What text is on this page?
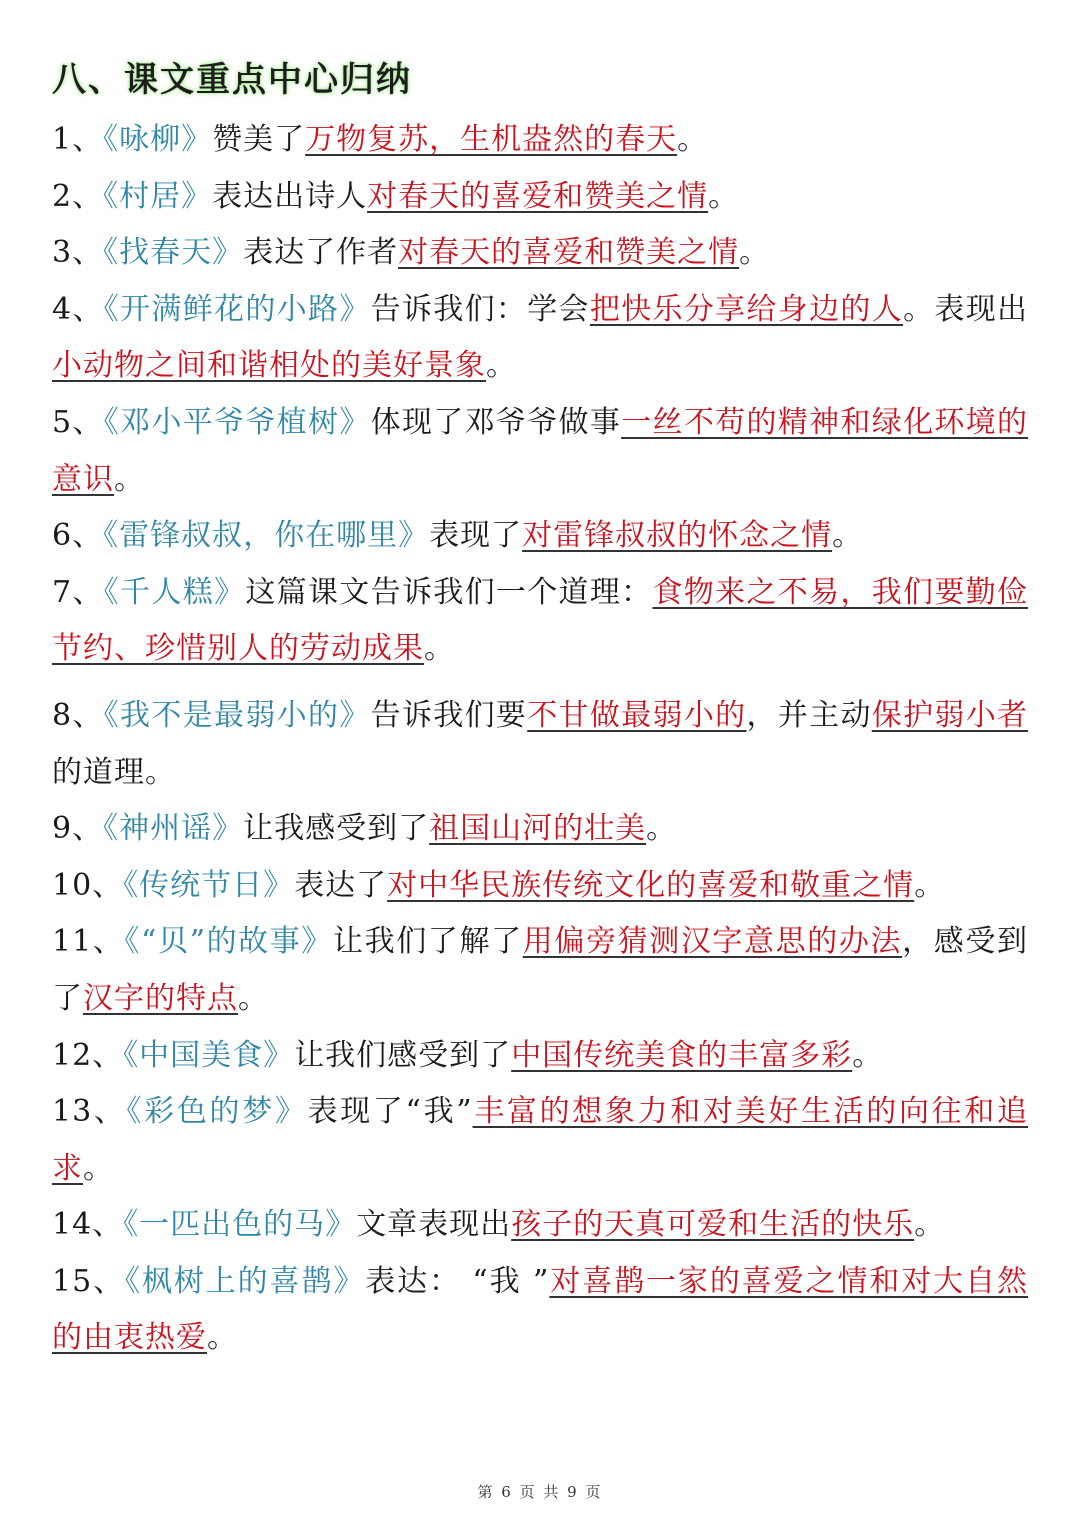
八、课文重点中心归纳

1、《咏柳》赞美了万物复苏，生机盎然的春天。

2、《村居》表达出诗人对春天的喜爱和赞美之情。

3、《找春天》表达了作者对春天的喜爱和赞美之情。

4、《开满鲜花的小路》告诉我们：学会把快乐分享给身边的人。表现出小动物之间和谐相处的美好景象。

5、《邓小平爷爷植树》体现了邓爷爷做事一丝不苟的精神和绿化环境的意识。

6、《雷锋叔叔，你在哪里》表现了对雷锋叔叔的怀念之情。

7、《千人糕》这篇课文告诉我们一个道理：食物来之不易，我们要勤俭节约、珍惜别人的劳动成果。

8、《我不是最弱小的》告诉我们要不甘做最弱小的，并主动保护弱小者的道理。

9、《神州谣》让我感受到了祖国山河的壮美。

10、《传统节日》表达了对中华民族传统文化的喜爱和敬重之情。

11、《“贝”的故事》让我们了解了用偏旁猜测汉字意思的办法，感受到了汉字的特点。

12、《中国美食》让我们感受到了中国传统美食的丰富多彩。

13、《彩色的梦》表现了“我”丰富的想象力和对美好生活的向往和追求。

14、《一匹出色的马》文章表现出孩子的天真可爱和生活的快乐。

15、《枫树上的喜鹊》表达： “我 ”对喜鹊一家的喜爱之情和对大自然的由衷热爱。

第 6 页 共 9 页
